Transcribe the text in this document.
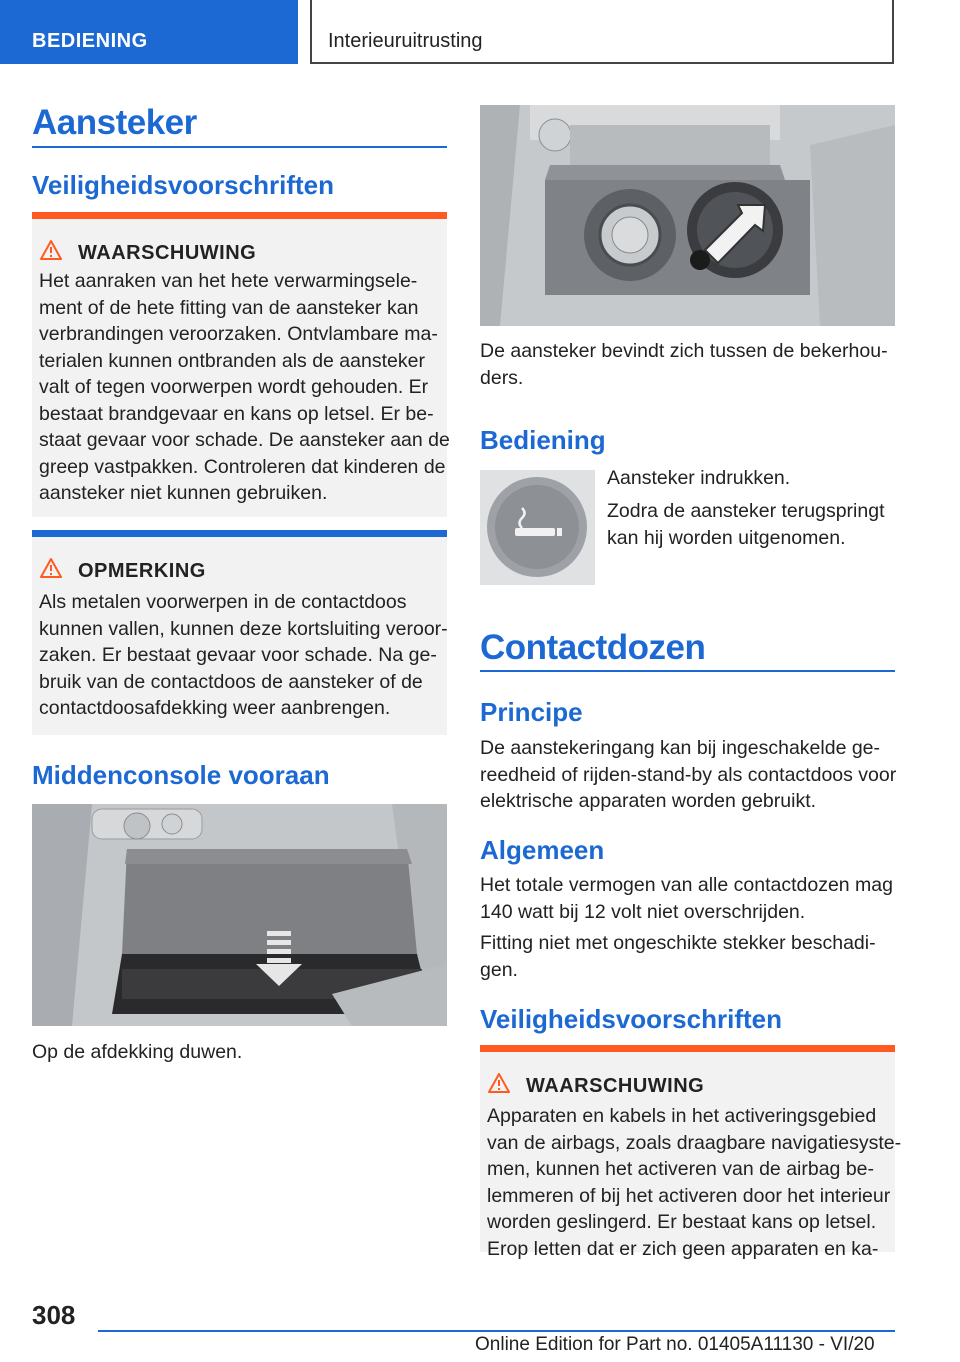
BEDIENING	Interieuruitrusting
Aansteker
Veiligheidsvoorschriften
WAARSCHUWING
Het aanraken van het hete verwarmingsele-
ment of de hete fitting van de aansteker kan
verbrandingen veroorzaken. Ontvlambare ma-
terialen kunnen ontbranden als de aansteker
valt of tegen voorwerpen wordt gehouden. Er
bestaat brandgevaar en kans op letsel. Er be-
staat gevaar voor schade. De aansteker aan de
greep vastpakken. Controleren dat kinderen de
aansteker niet kunnen gebruiken.
OPMERKING
Als metalen voorwerpen in de contactdoos
kunnen vallen, kunnen deze kortsluiting veroor-
zaken. Er bestaat gevaar voor schade. Na ge-
bruik van de contactdoos de aansteker of de
contactdoosafdekking weer aanbrengen.
Middenconsole vooraan
Op de afdekking duwen.
De aansteker bevindt zich tussen de bekerhou-
ders.
Bediening
Aansteker indrukken.
Zodra de aansteker terugspringt
kan hij worden uitgenomen.
Contactdozen
Principe
De aanstekeringang kan bij ingeschakelde ge-
reedheid of rijden-stand-by als contactdoos voor
elektrische apparaten worden gebruikt.
Algemeen
Het totale vermogen van alle contactdozen mag
140 watt bij 12 volt niet overschrijden.
Fitting niet met ongeschikte stekker beschadi-
gen.
Veiligheidsvoorschriften
WAARSCHUWING
Apparaten en kabels in het activeringsgebied
van de airbags, zoals draagbare navigatiesyste-
men, kunnen het activeren van de airbag be-
lemmeren of bij het activeren door het interieur
worden geslingerd. Er bestaat kans op letsel.
Erop letten dat er zich geen apparaten en ka-
308
Online Edition for Part no. 01405A11130 - VI/20
